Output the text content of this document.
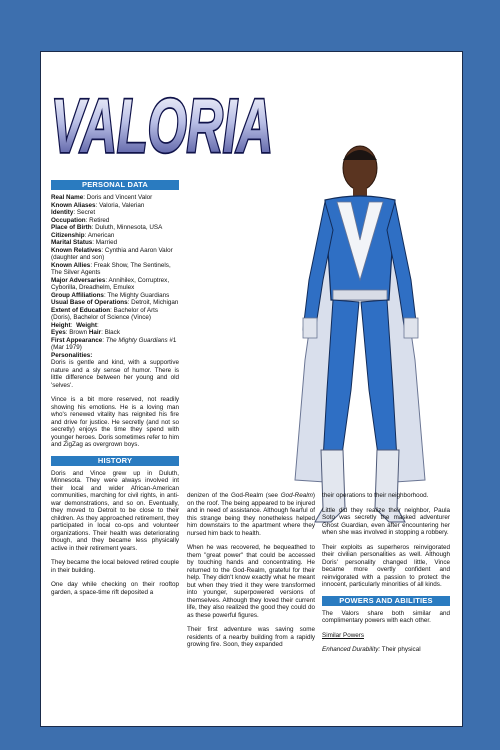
VALORIA
PERSONAL DATA
Real Name: Doris and Vincent Valor
Known Aliases: Valoria, Valerian
Identity: Secret
Occupation: Retired
Place of Birth: Duluth, Minnesota, USA
Citizenship: American
Marital Status: Married
Known Relatives: Cynthia and Aaron Valor (daughter and son)
Known Allies: Freak Show, The Sentinels, The Silver Agents
Major Adversaries: Annihilex, Corruptrex, Cyborilla, Dreadhelm, Emulex
Group Affiliations: The Mighty Guardians
Usual Base of Operations: Detroit, Michigan
Extent of Education: Bachelor of Arts (Doris), Bachelor of Science (Vince)
Height: Weight:
Eyes: Brown Hair: Black
First Appearance: The Mighty Guardians #1 (Mar 1979)
Personalities:

Doris is gentle and kind, with a supportive nature and a sly sense of humor. There is little difference between her young and old 'selves'.

Vince is a bit more reserved, not readily showing his emotions. He is a loving man who's renewed vitality has reignited his fire and drive for justice. He secretly (and not so secretly) enjoys the time they spend with younger heroes. Doris sometimes refer to him and ZigZag as overgrown boys.

HISTORY

Doris and Vince grew up in Duluth, Minnesota. They were always involved int their local and wider African-American communities, marching for civil rights, in anti-war demonstrations, and so on. Eventually, they moved to Detroit to be close to their children. As they approached retirement, they participated in local co-ops and volunteer organizations. Their health was deteriorating though, and they became less physically active in their retirement years.

They became the local beloved retired couple in their building.

One day while checking on their rooftop garden, a space-time rift deposited a

denizen of the God-Realm (see God-Realm) on the roof. The being appeared to be injured and in need of assistance. Although fearful of this strange being they nonetheless helped him downstairs to the apartment where they nursed him back to health.

When he was recovered, he bequeathed to them "great power" that could be accessed by touching hands and concentrating. He returned to the God-Realm, grateful for their help. They didn't know exactly what he meant but when they tried it they were transformed into younger, superpowered versions of themselves. Although they loved their current life, they also realized the good they could do as these powerful figures.

Their first adventure was saving some residents of a nearby building from a rapidly growing fire. Soon, they expanded

their operations to their neighborhood.

Little did they realize their neighbor, Paula Soto was secretly the masked adventurer Ghost Guardian, even after encountering her when she was involved in stopping a robbery.

Their exploits as superheros reinvigorated their civilian personalities as well. Although Doris' personality changed little, Vince became more overtly confident and reinvigorated with a passion to protect the innocent, particularly minorities of all kinds.

POWERS AND ABILITIES

The Valors share both similar and complimentary powers with each other.

Similar Powers

Enhanced Durability: Their physical
